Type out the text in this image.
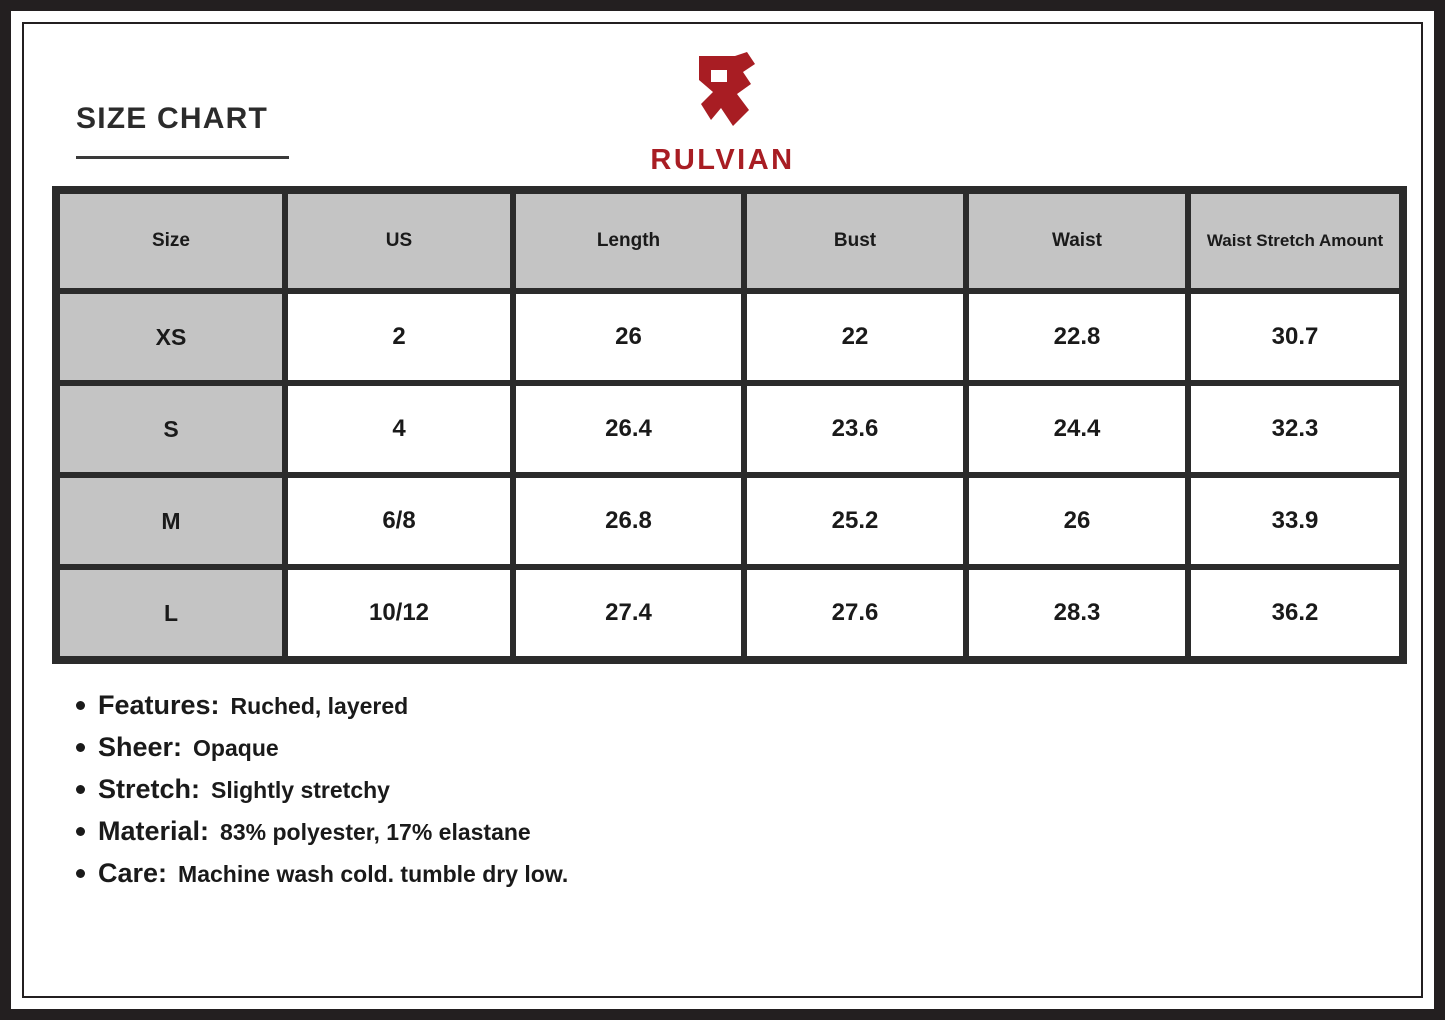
SIZE CHART
RULVIAN
Size	US	Length	Bust	Waist	Waist Stretch Amount
XS	2	26	22	22.8	30.7
S	4	26.4	23.6	24.4	32.3
M	6/8	26.8	25.2	26	33.9
L	10/12	27.4	27.6	28.3	36.2
Features: Ruched, layered
Sheer: Opaque
Stretch: Slightly stretchy
Material: 83% polyester, 17% elastane
Care: Machine wash cold. tumble dry low.
